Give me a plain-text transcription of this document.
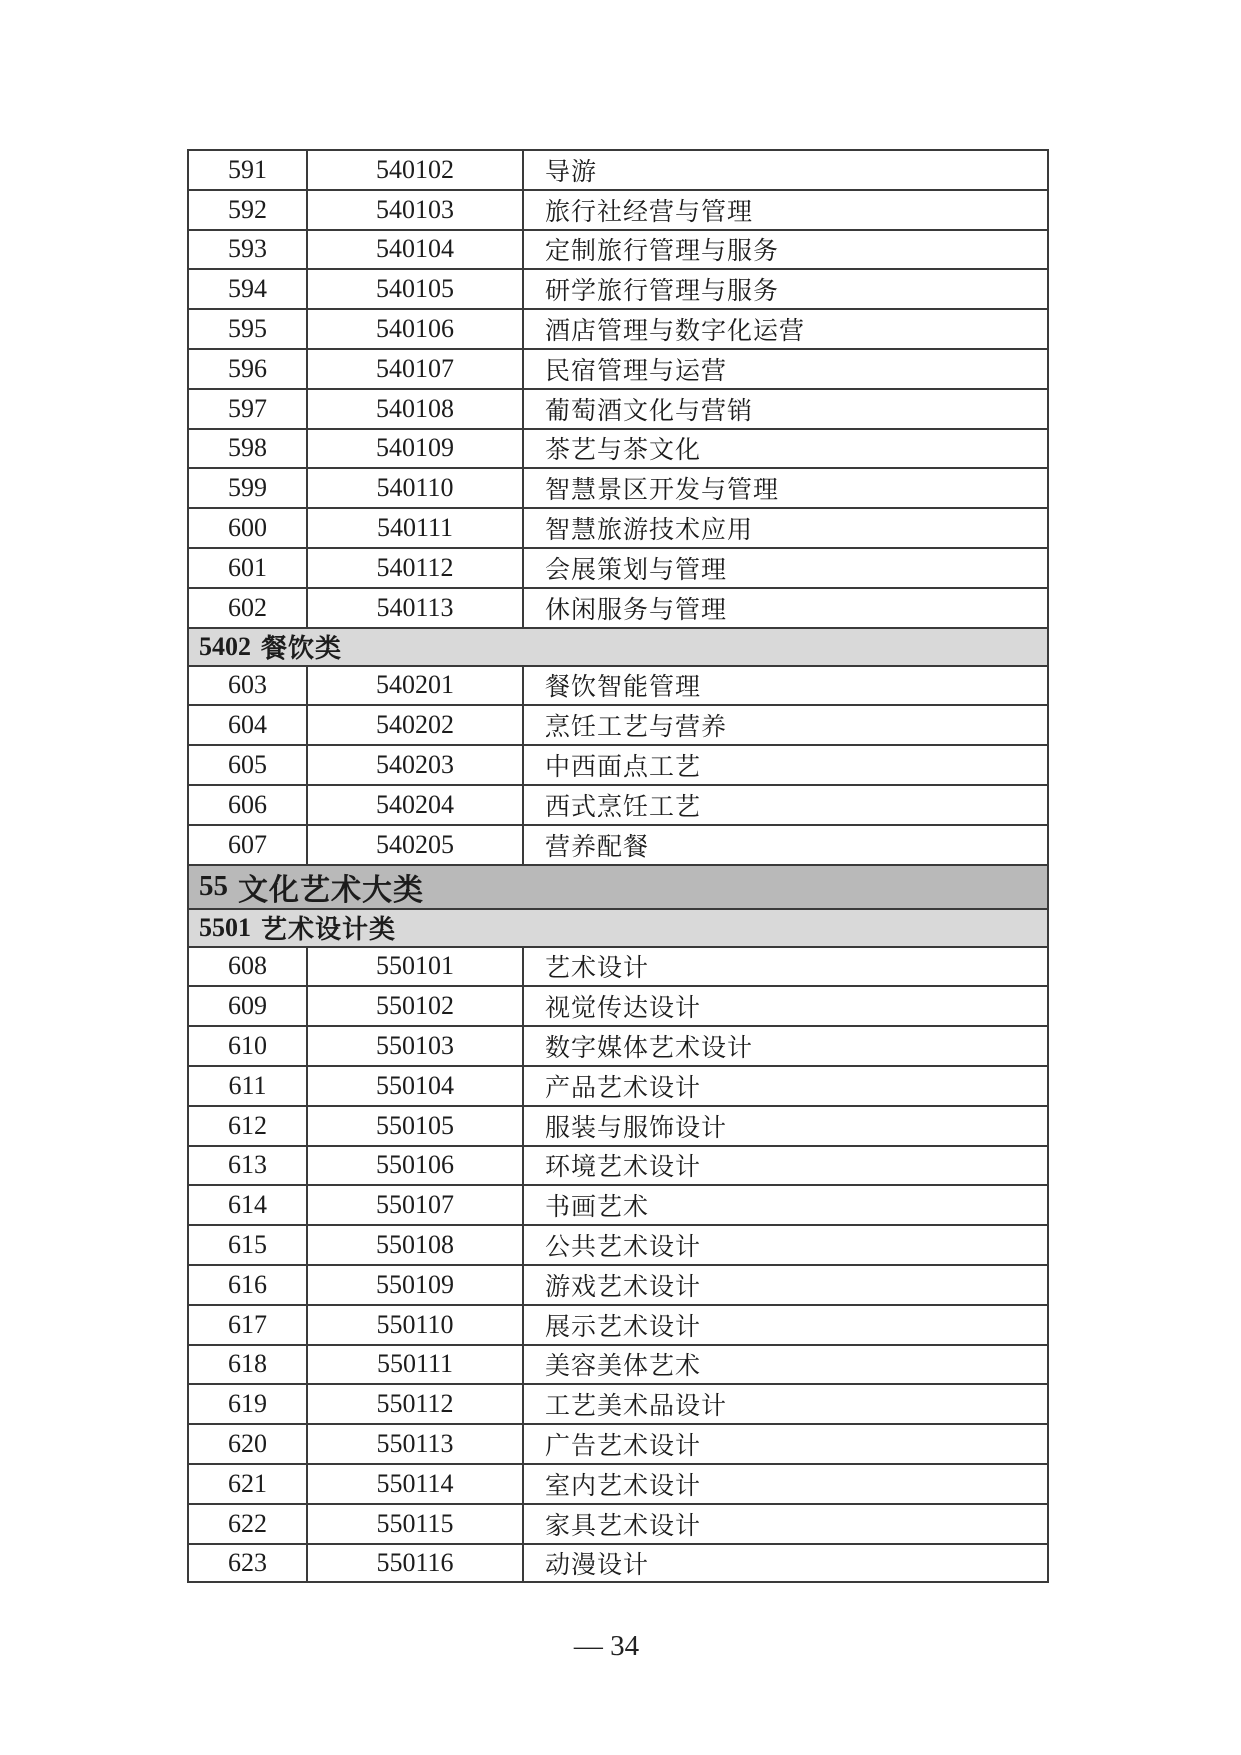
591	540102	导游
592	540103	旅行社经营与管理
593	540104	定制旅行管理与服务
594	540105	研学旅行管理与服务
595	540106	酒店管理与数字化运营
596	540107	民宿管理与运营
597	540108	葡萄酒文化与营销
598	540109	茶艺与茶文化
599	540110	智慧景区开发与管理
600	540111	智慧旅游技术应用
601	540112	会展策划与管理
602	540113	休闲服务与管理
5402 餐饮类
603	540201	餐饮智能管理
604	540202	烹饪工艺与营养
605	540203	中西面点工艺
606	540204	西式烹饪工艺
607	540205	营养配餐
55 文化艺术大类
5501 艺术设计类
608	550101	艺术设计
609	550102	视觉传达设计
610	550103	数字媒体艺术设计
611	550104	产品艺术设计
612	550105	服装与服饰设计
613	550106	环境艺术设计
614	550107	书画艺术
615	550108	公共艺术设计
616	550109	游戏艺术设计
617	550110	展示艺术设计
618	550111	美容美体艺术
619	550112	工艺美术品设计
620	550113	广告艺术设计
621	550114	室内艺术设计
622	550115	家具艺术设计
623	550116	动漫设计
— 34
